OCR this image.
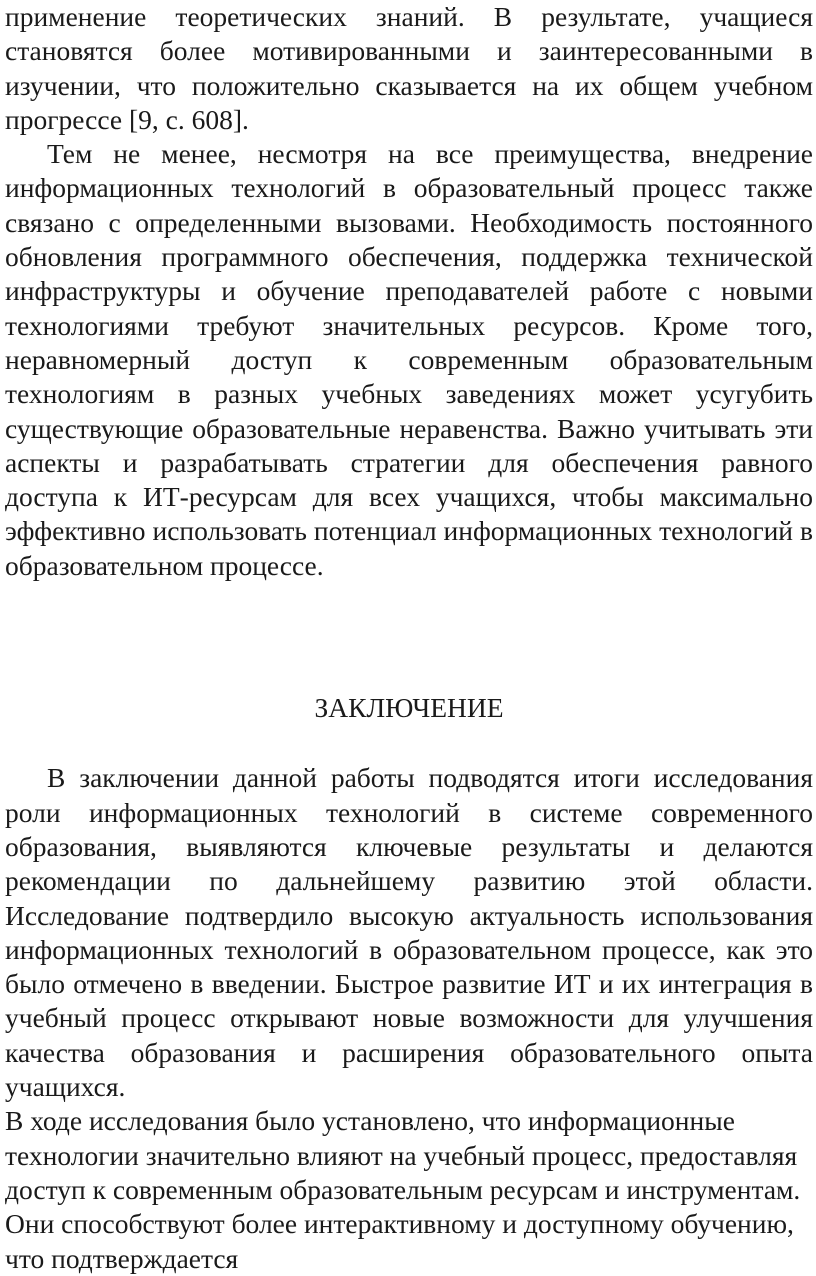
применение теоретических знаний. В результате, учащиеся становятся более мотивированными и заинтересованными в изучении, что положительно сказывается на их общем учебном прогрессе [9, с. 608].

Тем не менее, несмотря на все преимущества, внедрение информационных технологий в образовательный процесс также связано с определенными вызовами. Необходимость постоянного обновления программного обеспечения, поддержка технической инфраструктуры и обучение преподавателей работе с новыми технологиями требуют значительных ресурсов. Кроме того, неравномерный доступ к современным образовательным технологиям в разных учебных заведениях может усугубить существующие образовательные неравенства. Важно учитывать эти аспекты и разрабатывать стратегии для обеспечения равного доступа к ИТ-ресурсам для всех учащихся, чтобы максимально эффективно использовать потенциал информационных технологий в образовательном процессе.

ЗАКЛЮЧЕНИЕ

В заключении данной работы подводятся итоги исследования роли информационных технологий в системе современного образования, выявляются ключевые результаты и делаются рекомендации по дальнейшему развитию этой области. Исследование подтвердило высокую актуальность использования информационных технологий в образовательном процессе, как это было отмечено в введении. Быстрое развитие ИТ и их интеграция в учебный процесс открывают новые возможности для улучшения качества образования и расширения образовательного опыта учащихся.

В ходе исследования было установлено, что информационные технологии значительно влияют на учебный процесс, предоставляя доступ к современным образовательным ресурсам и инструментам. Они способствуют более интерактивному и доступному обучению, что подтверждается
